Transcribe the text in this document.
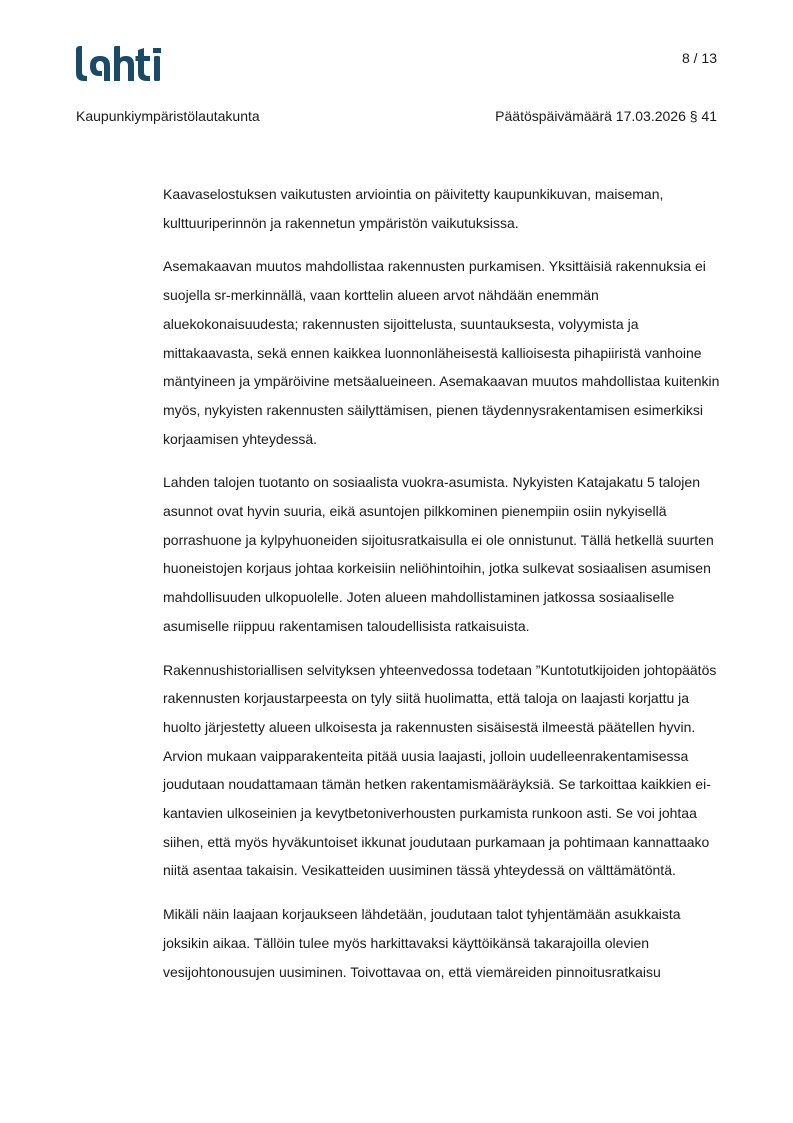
8 / 13
Kaupunkiympäristölautakunta	Päätöspäivämäärä 17.03.2026 § 41

Kaavaselostuksen vaikutusten arviointia on päivitetty kaupunkikuvan, maiseman, kulttuuriperinnön ja rakennetun ympäristön vaikutuksissa.

Asemakaavan muutos mahdollistaa rakennusten purkamisen. Yksittäisiä rakennuksia ei suojella sr-merkinnällä, vaan korttelin alueen arvot nähdään enemmän aluekokonaisuudesta; rakennusten sijoittelusta, suuntauksesta, volyymista ja mittakaavasta, sekä ennen kaikkea luonnonläheisestä kallioisesta pihapiiristä vanhoine mäntyineen ja ympäröivine metsäalueineen. Asemakaavan muutos mahdollistaa kuitenkin myös, nykyisten rakennusten säilyttämisen, pienen täydennysrakentamisen esimerkiksi korjaamisen yhteydessä.

Lahden talojen tuotanto on sosiaalista vuokra-asumista. Nykyisten Katajakatu 5 talojen asunnot ovat hyvin suuria, eikä asuntojen pilkkominen pienempiin osiin nykyisellä porrashuone ja kylpyhuoneiden sijoitusratkaisulla ei ole onnistunut. Tällä hetkellä suurten huoneistojen korjaus johtaa korkeisiin neliöhintoihin, jotka sulkevat sosiaalisen asumisen mahdollisuuden ulkopuolelle. Joten alueen mahdollistaminen jatkossa sosiaaliselle asumiselle riippuu rakentamisen taloudellisista ratkaisuista.

Rakennushistoriallisen selvityksen yhteenvedossa todetaan ”Kuntotutkijoiden johtopäätös rakennusten korjaustarpeesta on tyly siitä huolimatta, että taloja on laajasti korjattu ja huolto järjestetty alueen ulkoisesta ja rakennusten sisäisestä ilmeestä päätellen hyvin. Arvion mukaan vaipparakenteita pitää uusia laajasti, jolloin uudelleenrakentamisessa joudutaan noudattamaan tämän hetken rakentamismääräyksiä. Se tarkoittaa kaikkien ei-kantavien ulkoseinien ja kevytbetoniverhousten purkamista runkoon asti. Se voi johtaa siihen, että myös hyväkuntoiset ikkunat joudutaan purkamaan ja pohtimaan kannattaako niitä asentaa takaisin. Vesikatteiden uusiminen tässä yhteydessä on välttämätöntä.

Mikäli näin laajaan korjaukseen lähdetään, joudutaan talot tyhjentämään asukkaista joksikin aikaa. Tällöin tulee myös harkittavaksi käyttöikänsä takarajoilla olevien vesijohtonousujen uusiminen. Toivottavaa on, että viemäreiden pinnoitusratkaisu
